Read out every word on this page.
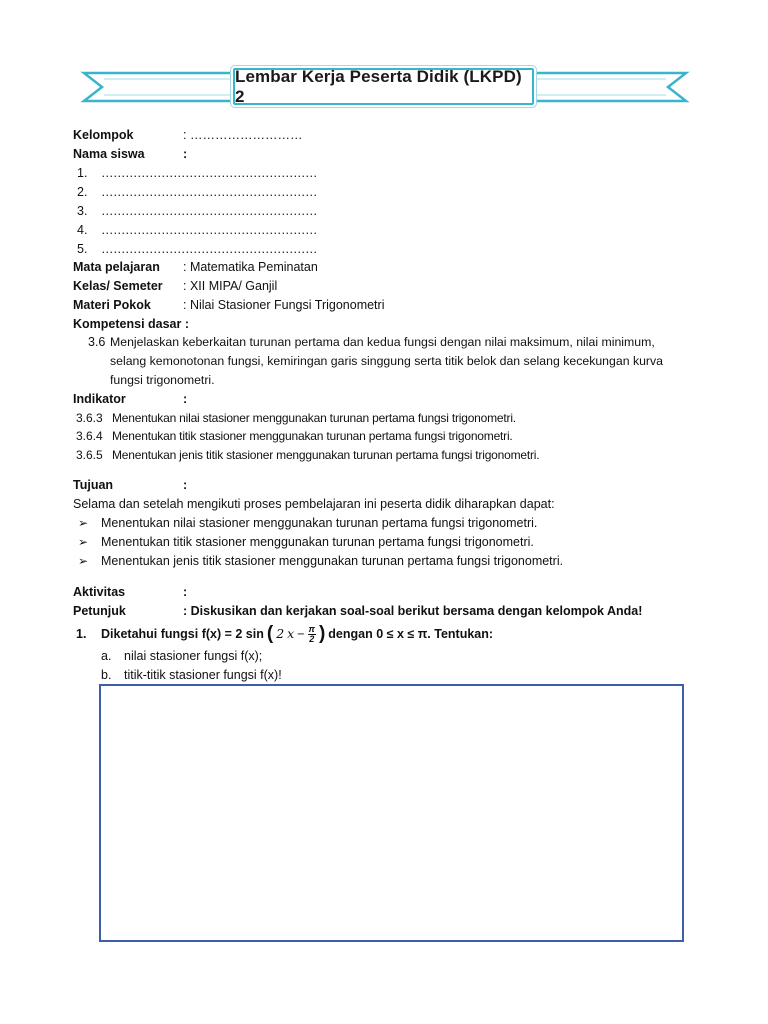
Lembar Kerja Peserta Didik (LKPD) 2
Kelompok	: ………………………
Nama siswa	:
1. ………………………………………………
2. ………………………………………………
3. ………………………………………………
4. ………………………………………………
5. ………………………………………………
Mata pelajaran : Matematika Peminatan
Kelas/ Semeter : XII MIPA/ Ganjil
Materi Pokok	: Nilai Stasioner Fungsi Trigonometri
Kompetensi dasar :
3.6 Menjelaskan keberkaitan turunan pertama dan kedua fungsi dengan nilai maksimum, nilai minimum,
selang kemonotonan fungsi, kemiringan garis singgung serta titik belok dan selang kecekungan kurva
fungsi trigonometri.
Indikator	:
3.6.3 Menentukan nilai stasioner menggunakan turunan pertama fungsi trigonometri.
3.6.4 Menentukan titik stasioner menggunakan turunan pertama fungsi trigonometri.
3.6.5 Menentukan jenis titik stasioner menggunakan turunan pertama fungsi trigonometri.
Tujuan	:
Selama dan setelah mengikuti proses pembelajaran ini peserta didik diharapkan dapat:
➢ Menentukan nilai stasioner menggunakan turunan pertama fungsi trigonometri.
➢ Menentukan titik stasioner menggunakan turunan pertama fungsi trigonometri.
➢ Menentukan jenis titik stasioner menggunakan turunan pertama fungsi trigonometri.
Aktivitas	:
Petunjuk	: Diskusikan dan kerjakan soal-soal berikut bersama dengan kelompok Anda!
1. Diketahui fungsi f(x) = 2 sin ( 2 $x - \frac{\pi}{2}$ ) dengan 0 ≤ x ≤ π. Tentukan:
a. nilai stasioner fungsi f(x);
b. titik-titik stasioner fungsi f(x)!
